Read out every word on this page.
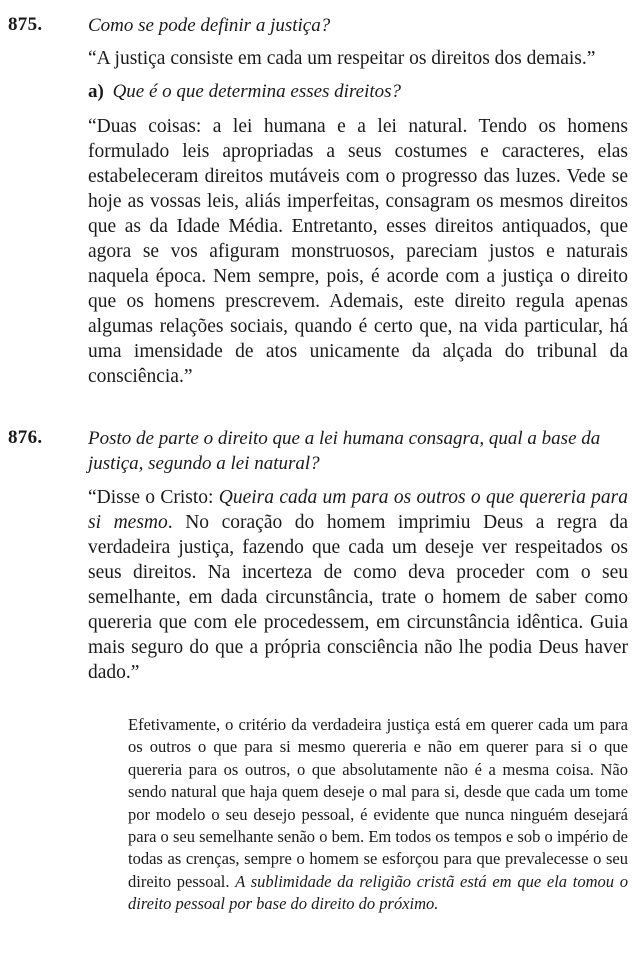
875. Como se pode definir a justiça?
“A justiça consiste em cada um respeitar os direitos dos demais.”
a) Que é o que determina esses direitos?
“Duas coisas: a lei humana e a lei natural. Tendo os homens formulado leis apropriadas a seus costumes e caracteres, elas estabeleceram direitos mutáveis com o progresso das luzes. Vede se hoje as vossas leis, aliás imperfeitas, consagram os mesmos direitos que as da Idade Média. Entretanto, esses direitos antiquados, que agora se vos afiguram monstruosos, pareciam justos e naturais naquela época. Nem sempre, pois, é acorde com a justiça o direito que os homens prescrevem. Ademais, este direito regula apenas algumas relações sociais, quando é certo que, na vida particular, há uma imensidade de atos unicamente da alçada do tribunal da consciência.”
876. Posto de parte o direito que a lei humana consagra, qual a base da justiça, segundo a lei natural?
“Disse o Cristo: Queira cada um para os outros o que quereria para si mesmo. No coração do homem imprimiu Deus a regra da verdadeira justiça, fazendo que cada um deseje ver respeitados os seus direitos. Na incerteza de como deva proceder com o seu semelhante, em dada circunstância, trate o homem de saber como quereria que com ele procedessem, em circunstância idêntica. Guia mais seguro do que a própria consciência não lhe podia Deus haver dado.”
Efetivamente, o critério da verdadeira justiça está em querer cada um para os outros o que para si mesmo quereria e não em querer para si o que quereria para os outros, o que absolutamente não é a mesma coisa. Não sendo natural que haja quem deseje o mal para si, desde que cada um tome por modelo o seu desejo pessoal, é evidente que nunca ninguém desejará para o seu semelhante senão o bem. Em todos os tempos e sob o império de todas as crenças, sempre o homem se esforçou para que prevalecesse o seu direito pessoal. A sublimidade da religião cristã está em que ela tomou o direito pessoal por base do direito do próximo.
